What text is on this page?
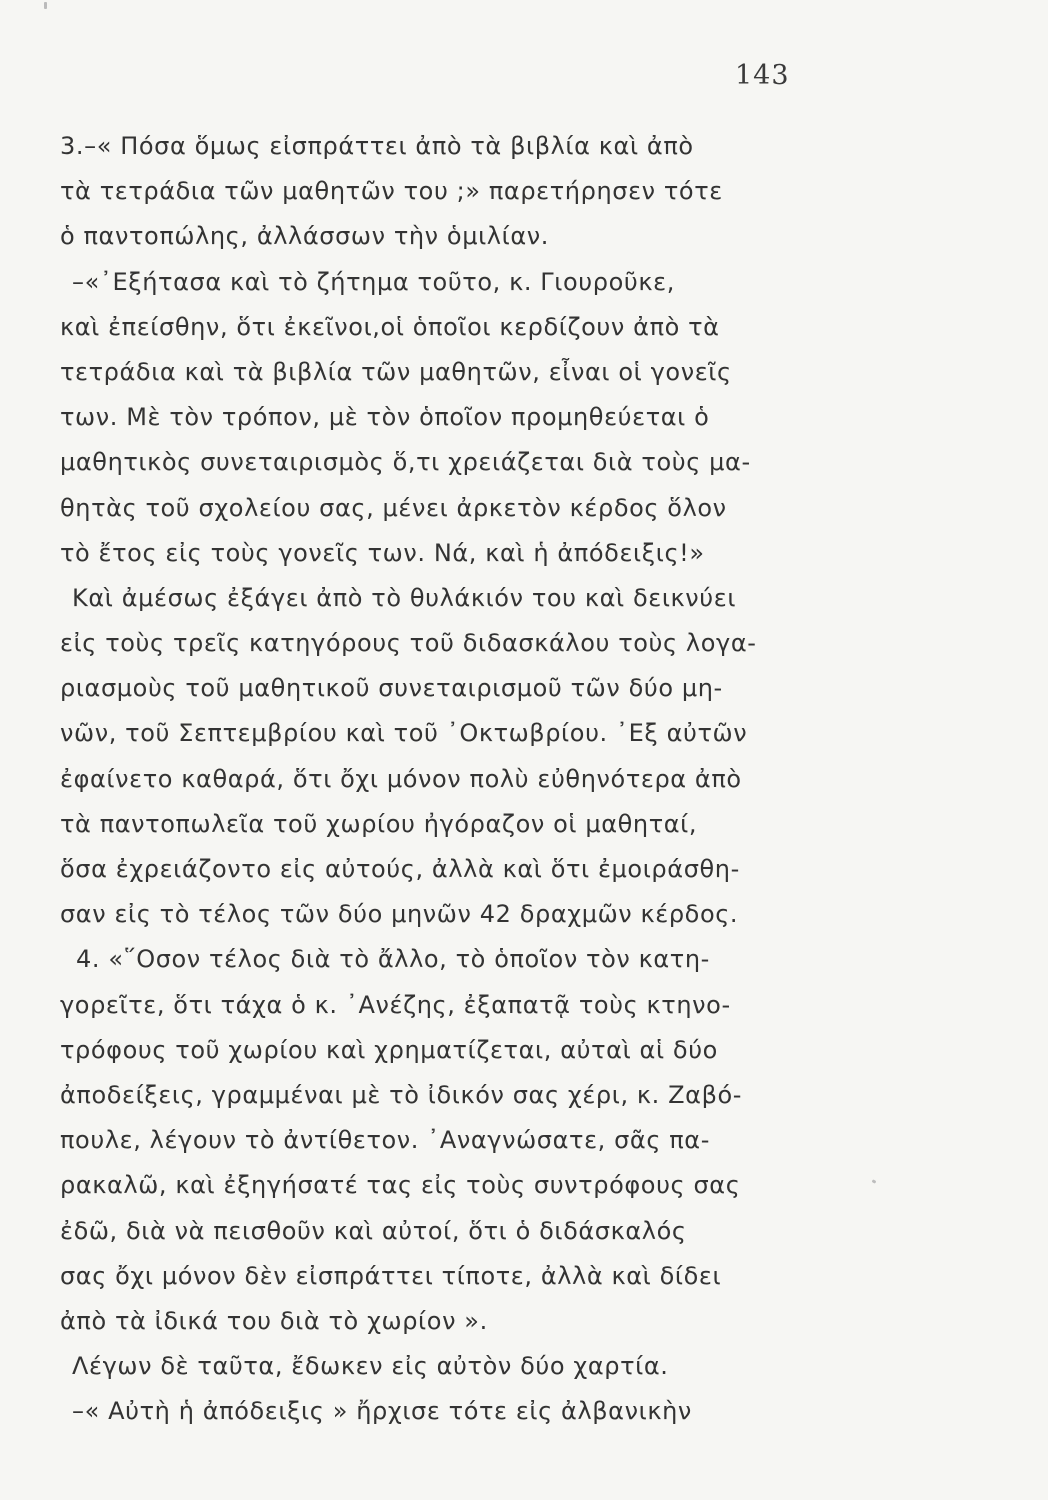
143
3.–« Πόσα ὅμως εἰσπράττει ἀπὸ τὰ βιβλία καὶ ἀπὸ
τὰ τετράδια τῶν μαθητῶν του ;» παρετήρησεν τότε
ὁ παντοπώλης, ἀλλάσσων τὴν ὁμιλίαν.
–«᾿Εξήτασα καὶ τὸ ζήτημα τοῦτο, κ. Γιουροῦκε,
καὶ ἐπείσθην, ὅτι ἐκεῖνοι,οἱ ὁποῖοι κερδίζουν ἀπὸ τὰ
τετράδια καὶ τὰ βιβλία τῶν μαθητῶν, εἶναι οἱ γονεῖς
των. Μὲ τὸν τρόπον, μὲ τὸν ὁποῖον προμηθεύεται ὁ
μαθητικὸς συνεταιρισμὸς ὅ,τι χρειάζεται διὰ τοὺς μα-
θητὰς τοῦ σχολείου σας, μένει ἀρκετὸν κέρδος ὅλον
τὸ ἔτος εἰς τοὺς γονεῖς των. Νά, καὶ ἡ ἀπόδειξις!»
Καὶ ἀμέσως ἐξάγει ἀπὸ τὸ θυλάκιόν του καὶ δεικνύει
εἰς τοὺς τρεῖς κατηγόρους τοῦ διδασκάλου τοὺς λογα-
ριασμοὺς τοῦ μαθητικοῦ συνεταιρισμοῦ τῶν δύο μη-
νῶν, τοῦ Σεπτεμβρίου καὶ τοῦ ᾿Οκτωβρίου. ᾿Εξ αὐτῶν
ἐφαίνετο καθαρά, ὅτι ὄχι μόνον πολὺ εὐθηνότερα ἀπὸ
τὰ παντοπωλεῖα τοῦ χωρίου ἠγόραζον οἱ μαθηταί,
ὅσα ἐχρειάζοντο εἰς αὐτούς, ἀλλὰ καὶ ὅτι ἐμοιράσθη-
σαν εἰς τὸ τέλος τῶν δύο μηνῶν 42 δραχμῶν κέρδος.
4. «῞Οσον τέλος διὰ τὸ ἄλλο, τὸ ὁποῖον τὸν κατη-
γορεῖτε, ὅτι τάχα ὁ κ. ᾿Ανέζης, ἐξαπατᾷ τοὺς κτηνο-
τρόφους τοῦ χωρίου καὶ χρηματίζεται, αὐταὶ αἱ δύο
ἀποδείξεις, γραμμέναι μὲ τὸ ἰδικόν σας χέρι, κ. Ζαβό-
πουλε, λέγουν τὸ ἀντίθετον. ᾿Αναγνώσατε, σᾶς πα-
ρακαλῶ, καὶ ἐξηγήσατέ τας εἰς τοὺς συντρόφους σας
ἐδῶ, διὰ νὰ πεισθοῦν καὶ αὐτοί, ὅτι ὁ διδάσκαλός
σας ὄχι μόνον δὲν εἰσπράττει τίποτε, ἀλλὰ καὶ δίδει
ἀπὸ τὰ ἰδικά του διὰ τὸ χωρίον ».
Λέγων δὲ ταῦτα, ἔδωκεν εἰς αὐτὸν δύο χαρτία.
–« Αὐτὴ ἡ ἀπόδειξις » ἤρχισε τότε εἰς ἀλβανικὴν
